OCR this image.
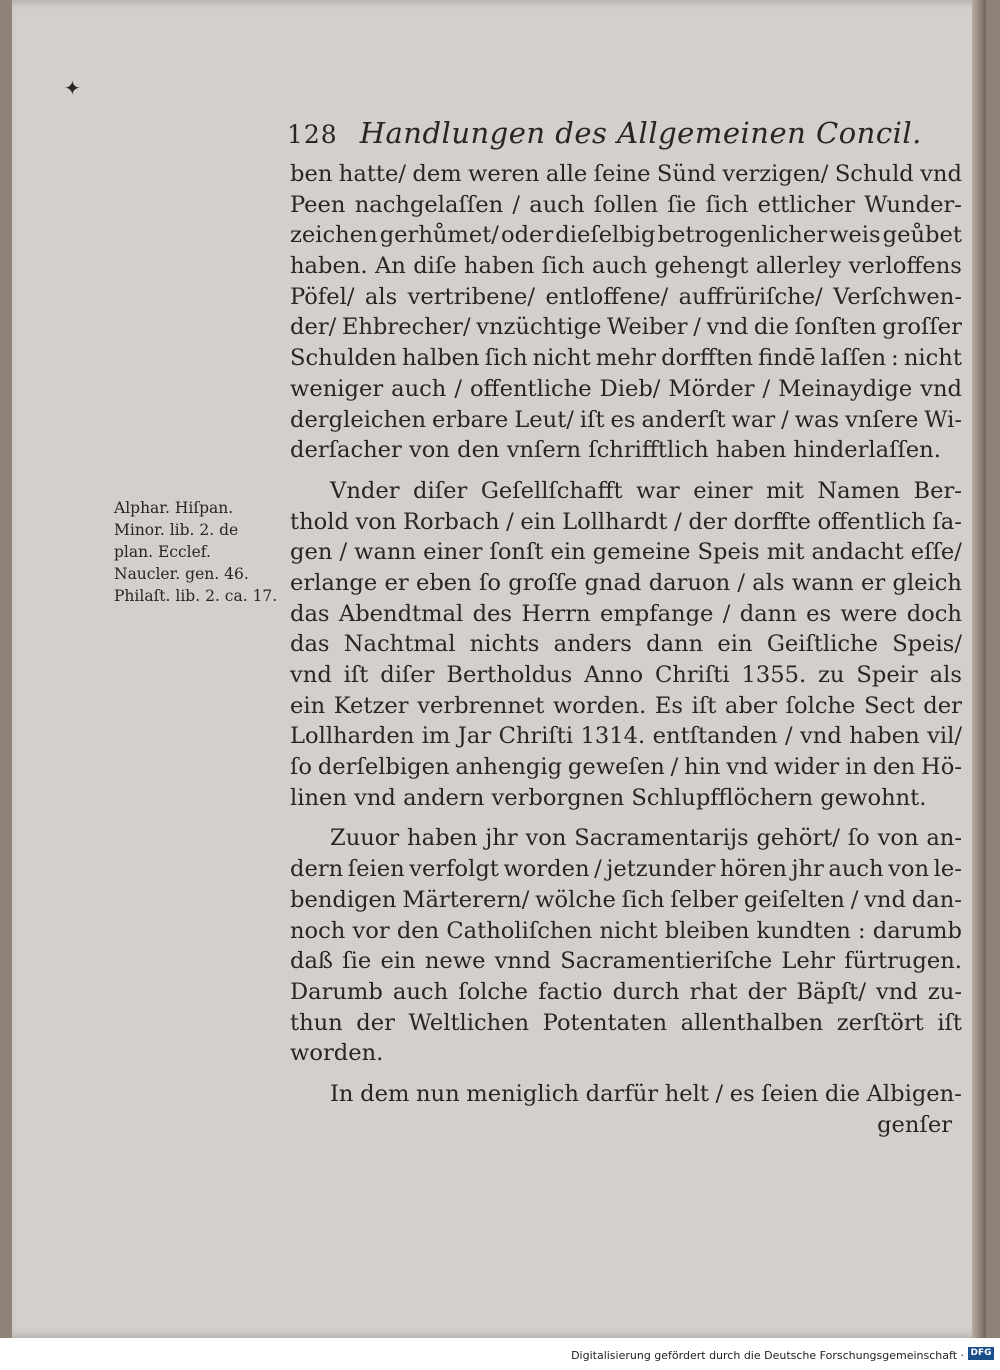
✦
128 Handlungen des Allgemeinen Concil.
Alphar. Hiſpan.
Minor. lib. 2. de
plan. Ecclef.
Naucler. gen. 46.
Philaſt. lib. 2. ca. 17.
ben hatte/ dem weren alle ſeine Sünd verzigen/ Schuld vnd
Peen nachgelaſſen / auch ſollen ſie ſich ettlicher Wunder-
zeichen gerhůmet/ oder dieſelbig betrogenlicher weis geůbet
haben. An diſe haben ſich auch gehengt allerley verloffens
Pöfel/ als vertribene/ entloffene/ auffrüriſche/ Verſchwen-
der/ Ehbrecher/ vnzüchtige Weiber / vnd die ſonſten groſſer
Schulden halben ſich nicht mehr dorfften findē laſſen : nicht
weniger auch / offentliche Dieb/ Mörder / Meinaydige vnd
dergleichen erbare Leut/ iſt es anderſt war / was vnſere Wi-
derſacher von den vnſern ſchrifftlich haben hinderlaſſen.
Vnder diſer Geſellſchafft war einer mit Namen Ber-
thold von Rorbach / ein Lollhardt / der dorffte offentlich ſa-
gen / wann einer ſonſt ein gemeine Speis mit andacht eſſe/
erlange er eben ſo groſſe gnad daruon / als wann er gleich
das Abendtmal des Herrn empfange / dann es were doch
das Nachtmal nichts anders dann ein Geiſtliche Speis/
vnd iſt diſer Bertholdus Anno Chriſti 1355. zu Speir als
ein Ketzer verbrennet worden. Es iſt aber ſolche Sect der
Lollharden im Jar Chriſti 1314. entſtanden / vnd haben vil/
ſo derſelbigen anhengig geweſen / hin vnd wider in den Hö-
linen vnd andern verborgnen Schlupfflöchern gewohnt.
Zuuor haben jhr von Sacramentarijs gehört/ ſo von an-
dern ſeien verfolgt worden / jetzunder hören jhr auch von le-
bendigen Märterern/ wölche ſich ſelber geiſelten / vnd dan-
noch vor den Catholiſchen nicht bleiben kundten : darumb
daß ſie ein newe vnnd Sacramentieriſche Lehr fürtrugen.
Darumb auch ſolche factio durch rhat der Bäpſt/ vnd zu-
thun der Weltlichen Potentaten allenthalben zerſtört iſt
worden.
In dem nun meniglich darfür helt / es ſeien die Albigen-
genſer
Digitalisierung gefördert durch die Deutsche Forschungsgemeinschaft · DFG
